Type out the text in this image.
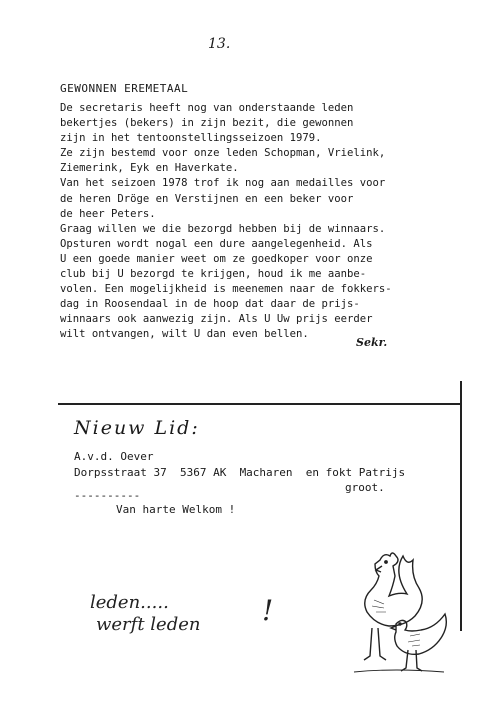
13.
GEWONNEN EREMETAAL
De secretaris heeft nog van onderstaande leden
bekertjes (bekers) in zijn bezit, die gewonnen
zijn in het tentoonstellingsseizoen 1979.
Ze zijn bestemd voor onze leden Schopman, Vrielink,
Ziemerink, Eyk en Haverkate.
Van het seizoen 1978 trof ik nog aan medailles voor
de heren Dröge en Verstijnen en een beker voor
de heer Peters.
Graag willen we die bezorgd hebben bij de winnaars.
Opsturen wordt nogal een dure aangelegenheid. Als
U een goede manier weet om ze goedkoper voor onze
club bij U bezorgd te krijgen, houd ik me aanbe-
volen. Een mogelijkheid is meenemen naar de fokkers-
dag in Roosendaal in de hoop dat daar de prijs-
winnaars ook aanwezig zijn. Als U Uw prijs eerder
wilt ontvangen, wilt U dan even bellen.
Sekr.
Nieuw Lid:
A.v.d. Oever
Dorpsstraat 37  5367 AK  Macharen  en fokt Patrijs
groot.
----------
Van harte Welkom !
leden.....
werft leden !
